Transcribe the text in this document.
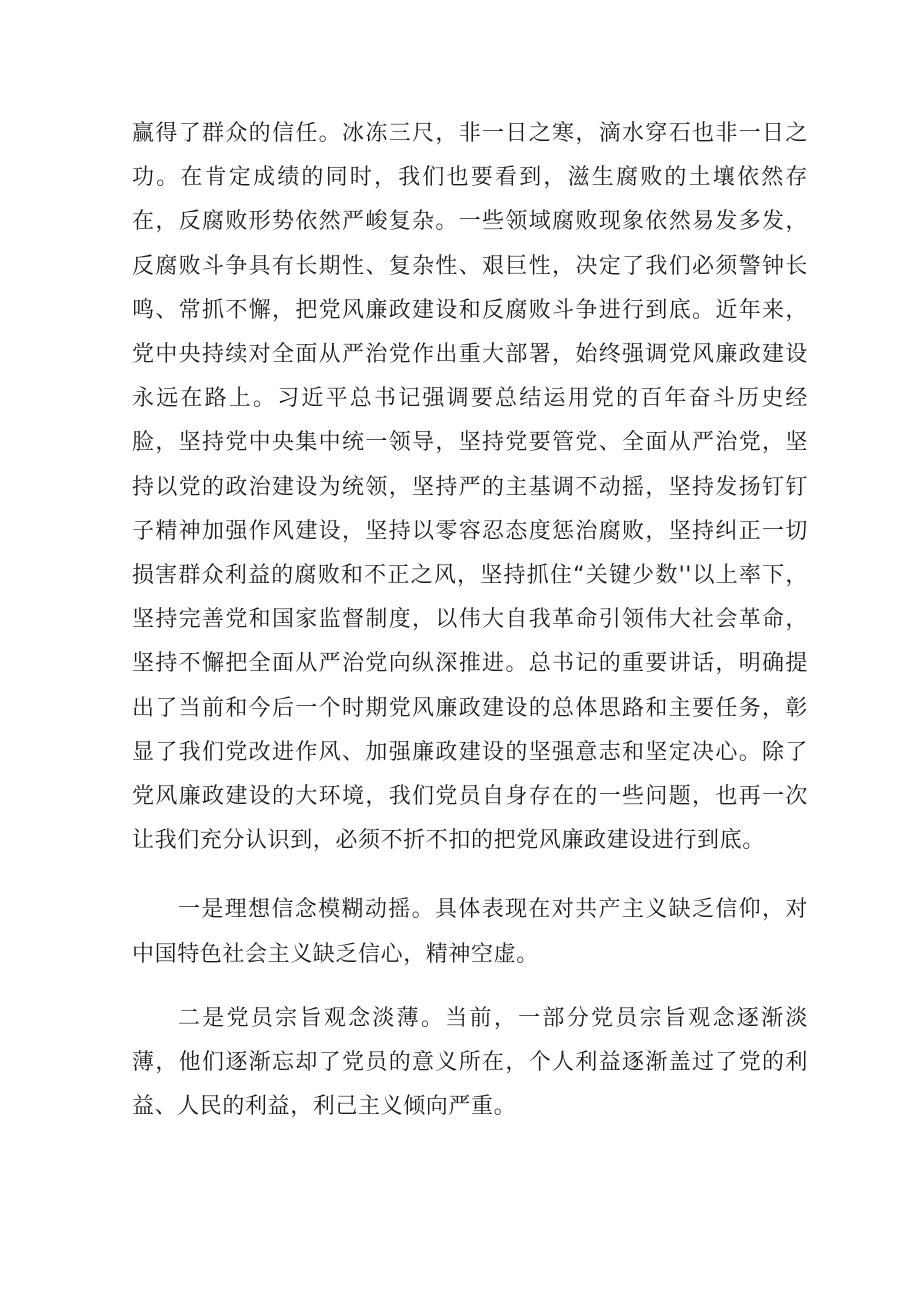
赢得了群众的信任。冰冻三尺，非一日之寒，滴水穿石也非一日之功。在肯定成绩的同时，我们也要看到，滋生腐败的土壤依然存在，反腐败形势依然严峻复杂。一些领域腐败现象依然易发多发，反腐败斗争具有长期性、复杂性、艰巨性，决定了我们必须警钟长鸣、常抓不懈，把党风廉政建设和反腐败斗争进行到底。近年来，党中央持续对全面从严治党作出重大部署，始终强调党风廉政建设永远在路上。习近平总书记强调要总结运用党的百年奋斗历史经脸，坚持党中央集中统一领导，坚持党要管党、全面从严治党，坚持以党的政治建设为统领，坚持严的主基调不动摇，坚持发扬钉钉子精神加强作风建设，坚持以零容忍态度惩治腐败，坚持纠正一切损害群众利益的腐败和不正之风，坚持抓住“关键少数''以上率下，坚持完善党和国家监督制度，以伟大自我革命引领伟大社会革命，坚持不懈把全面从严治党向纵深推进。总书记的重要讲话，明确提出了当前和今后一个时期党风廉政建设的总体思路和主要任务，彰显了我们党改进作风、加强廉政建设的坚强意志和坚定决心。除了党风廉政建设的大环境，我们党员自身存在的一些问题，也再一次让我们充分认识到，必须不折不扣的把党风廉政建设进行到底。

一是理想信念模糊动摇。具体表现在对共产主义缺乏信仰，对中国特色社会主义缺乏信心，精神空虚。

二是党员宗旨观念淡薄。当前，一部分党员宗旨观念逐渐淡薄，他们逐渐忘却了党员的意义所在，个人利益逐渐盖过了党的利益、人民的利益，利己主义倾向严重。
